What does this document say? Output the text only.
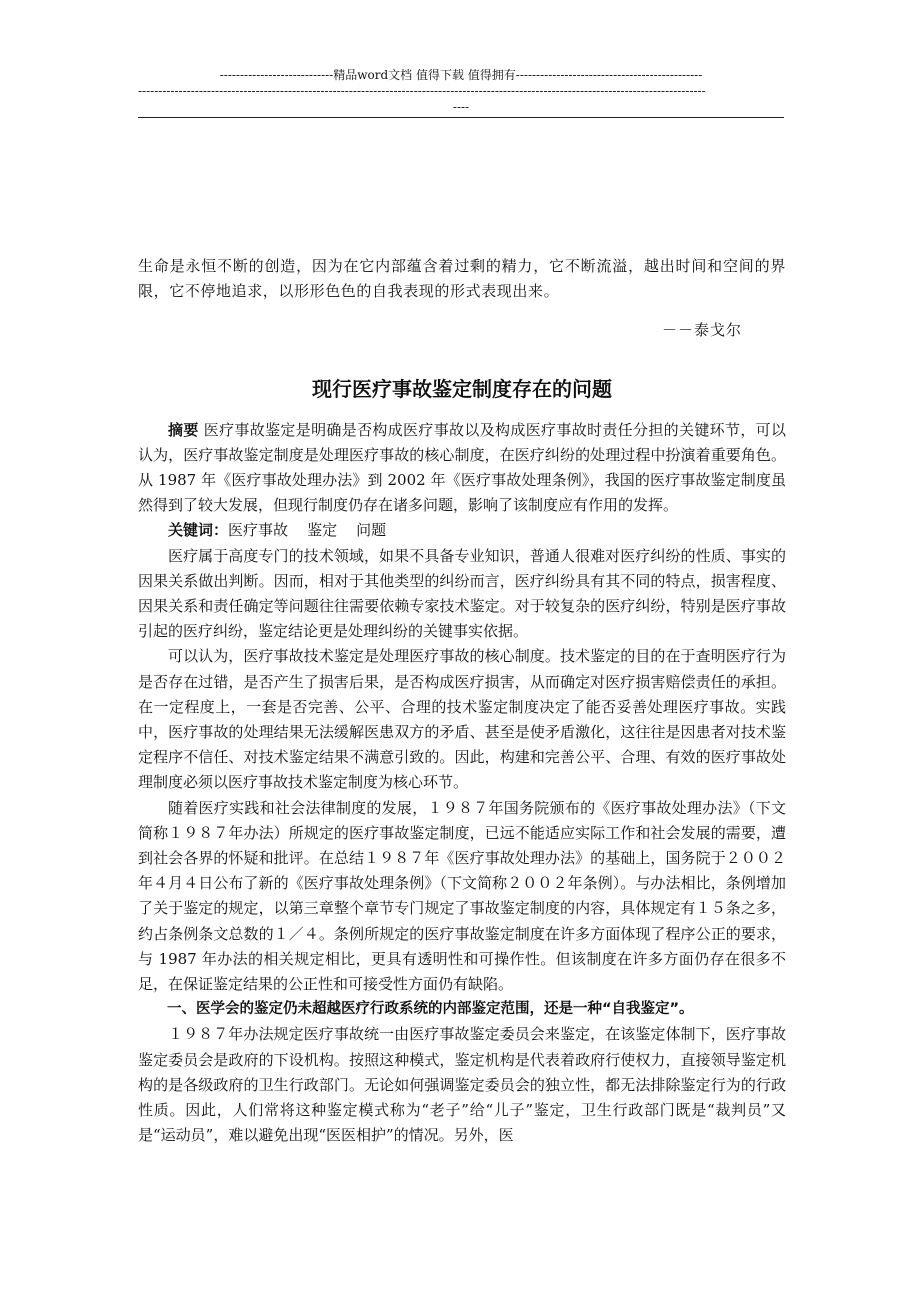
----------------------------精品word文档 值得下载 值得拥有----------------------------------------------
--------------------------------------------------------------------------------------------------------------------------------------------
----

生命是永恒不断的创造，因为在它内部蕴含着过剩的精力，它不断流溢，越出时间和空间的界限，它不停地追求，以形形色色的自我表现的形式表现出来。

－－泰戈尔

现行医疗事故鉴定制度存在的问题

摘要 医疗事故鉴定是明确是否构成医疗事故以及构成医疗事故时责任分担的关键环节，可以认为，医疗事故鉴定制度是处理医疗事故的核心制度，在医疗纠纷的处理过程中扮演着重要角色。从 1987 年《医疗事故处理办法》到 2002 年《医疗事故处理条例》，我国的医疗事故鉴定制度虽然得到了较大发展，但现行制度仍存在诸多问题，影响了该制度应有作用的发挥。

关键词：医疗事故    鉴定    问题

医疗属于高度专门的技术领域，如果不具备专业知识，普通人很难对医疗纠纷的性质、事实的因果关系做出判断。因而，相对于其他类型的纠纷而言，医疗纠纷具有其不同的特点，损害程度、因果关系和责任确定等问题往往需要依赖专家技术鉴定。对于较复杂的医疗纠纷，特别是医疗事故引起的医疗纠纷，鉴定结论更是处理纠纷的关键事实依据。

可以认为，医疗事故技术鉴定是处理医疗事故的核心制度。技术鉴定的目的在于查明医疗行为是否存在过错，是否产生了损害后果，是否构成医疗损害，从而确定对医疗损害赔偿责任的承担。在一定程度上，一套是否完善、公平、合理的技术鉴定制度决定了能否妥善处理医疗事故。实践中，医疗事故的处理结果无法缓解医患双方的矛盾、甚至是使矛盾激化，这往往是因患者对技术鉴定程序不信任、对技术鉴定结果不满意引致的。因此，构建和完善公平、合理、有效的医疗事故处理制度必须以医疗事故技术鉴定制度为核心环节。

随着医疗实践和社会法律制度的发展，１９８７年国务院颁布的《医疗事故处理办法》（下文简称１９８７年办法）所规定的医疗事故鉴定制度，已远不能适应实际工作和社会发展的需要，遭到社会各界的怀疑和批评。在总结１９８７年《医疗事故处理办法》的基础上，国务院于２００２年４月４日公布了新的《医疗事故处理条例》（下文简称２００２年条例）。与办法相比，条例增加了关于鉴定的规定，以第三章整个章节专门规定了事故鉴定制度的内容，具体规定有１５条之多，约占条例条文总数的１／４。条例所规定的医疗事故鉴定制度在许多方面体现了程序公正的要求，与 1987 年办法的相关规定相比，更具有透明性和可操作性。但该制度在许多方面仍存在很多不足，在保证鉴定结果的公正性和可接受性方面仍有缺陷。

一、医学会的鉴定仍未超越医疗行政系统的内部鉴定范围，还是一种“自我鉴定”。

１９８７年办法规定医疗事故统一由医疗事故鉴定委员会来鉴定，在该鉴定体制下，医疗事故鉴定委员会是政府的下设机构。按照这种模式，鉴定机构是代表着政府行使权力，直接领导鉴定机构的是各级政府的卫生行政部门。无论如何强调鉴定委员会的独立性，都无法排除鉴定行为的行政性质。因此，人们常将这种鉴定模式称为“老子”给“儿子”鉴定，卫生行政部门既是“裁判员”又是“运动员”，难以避免出现“医医相护”的情况。另外，医
